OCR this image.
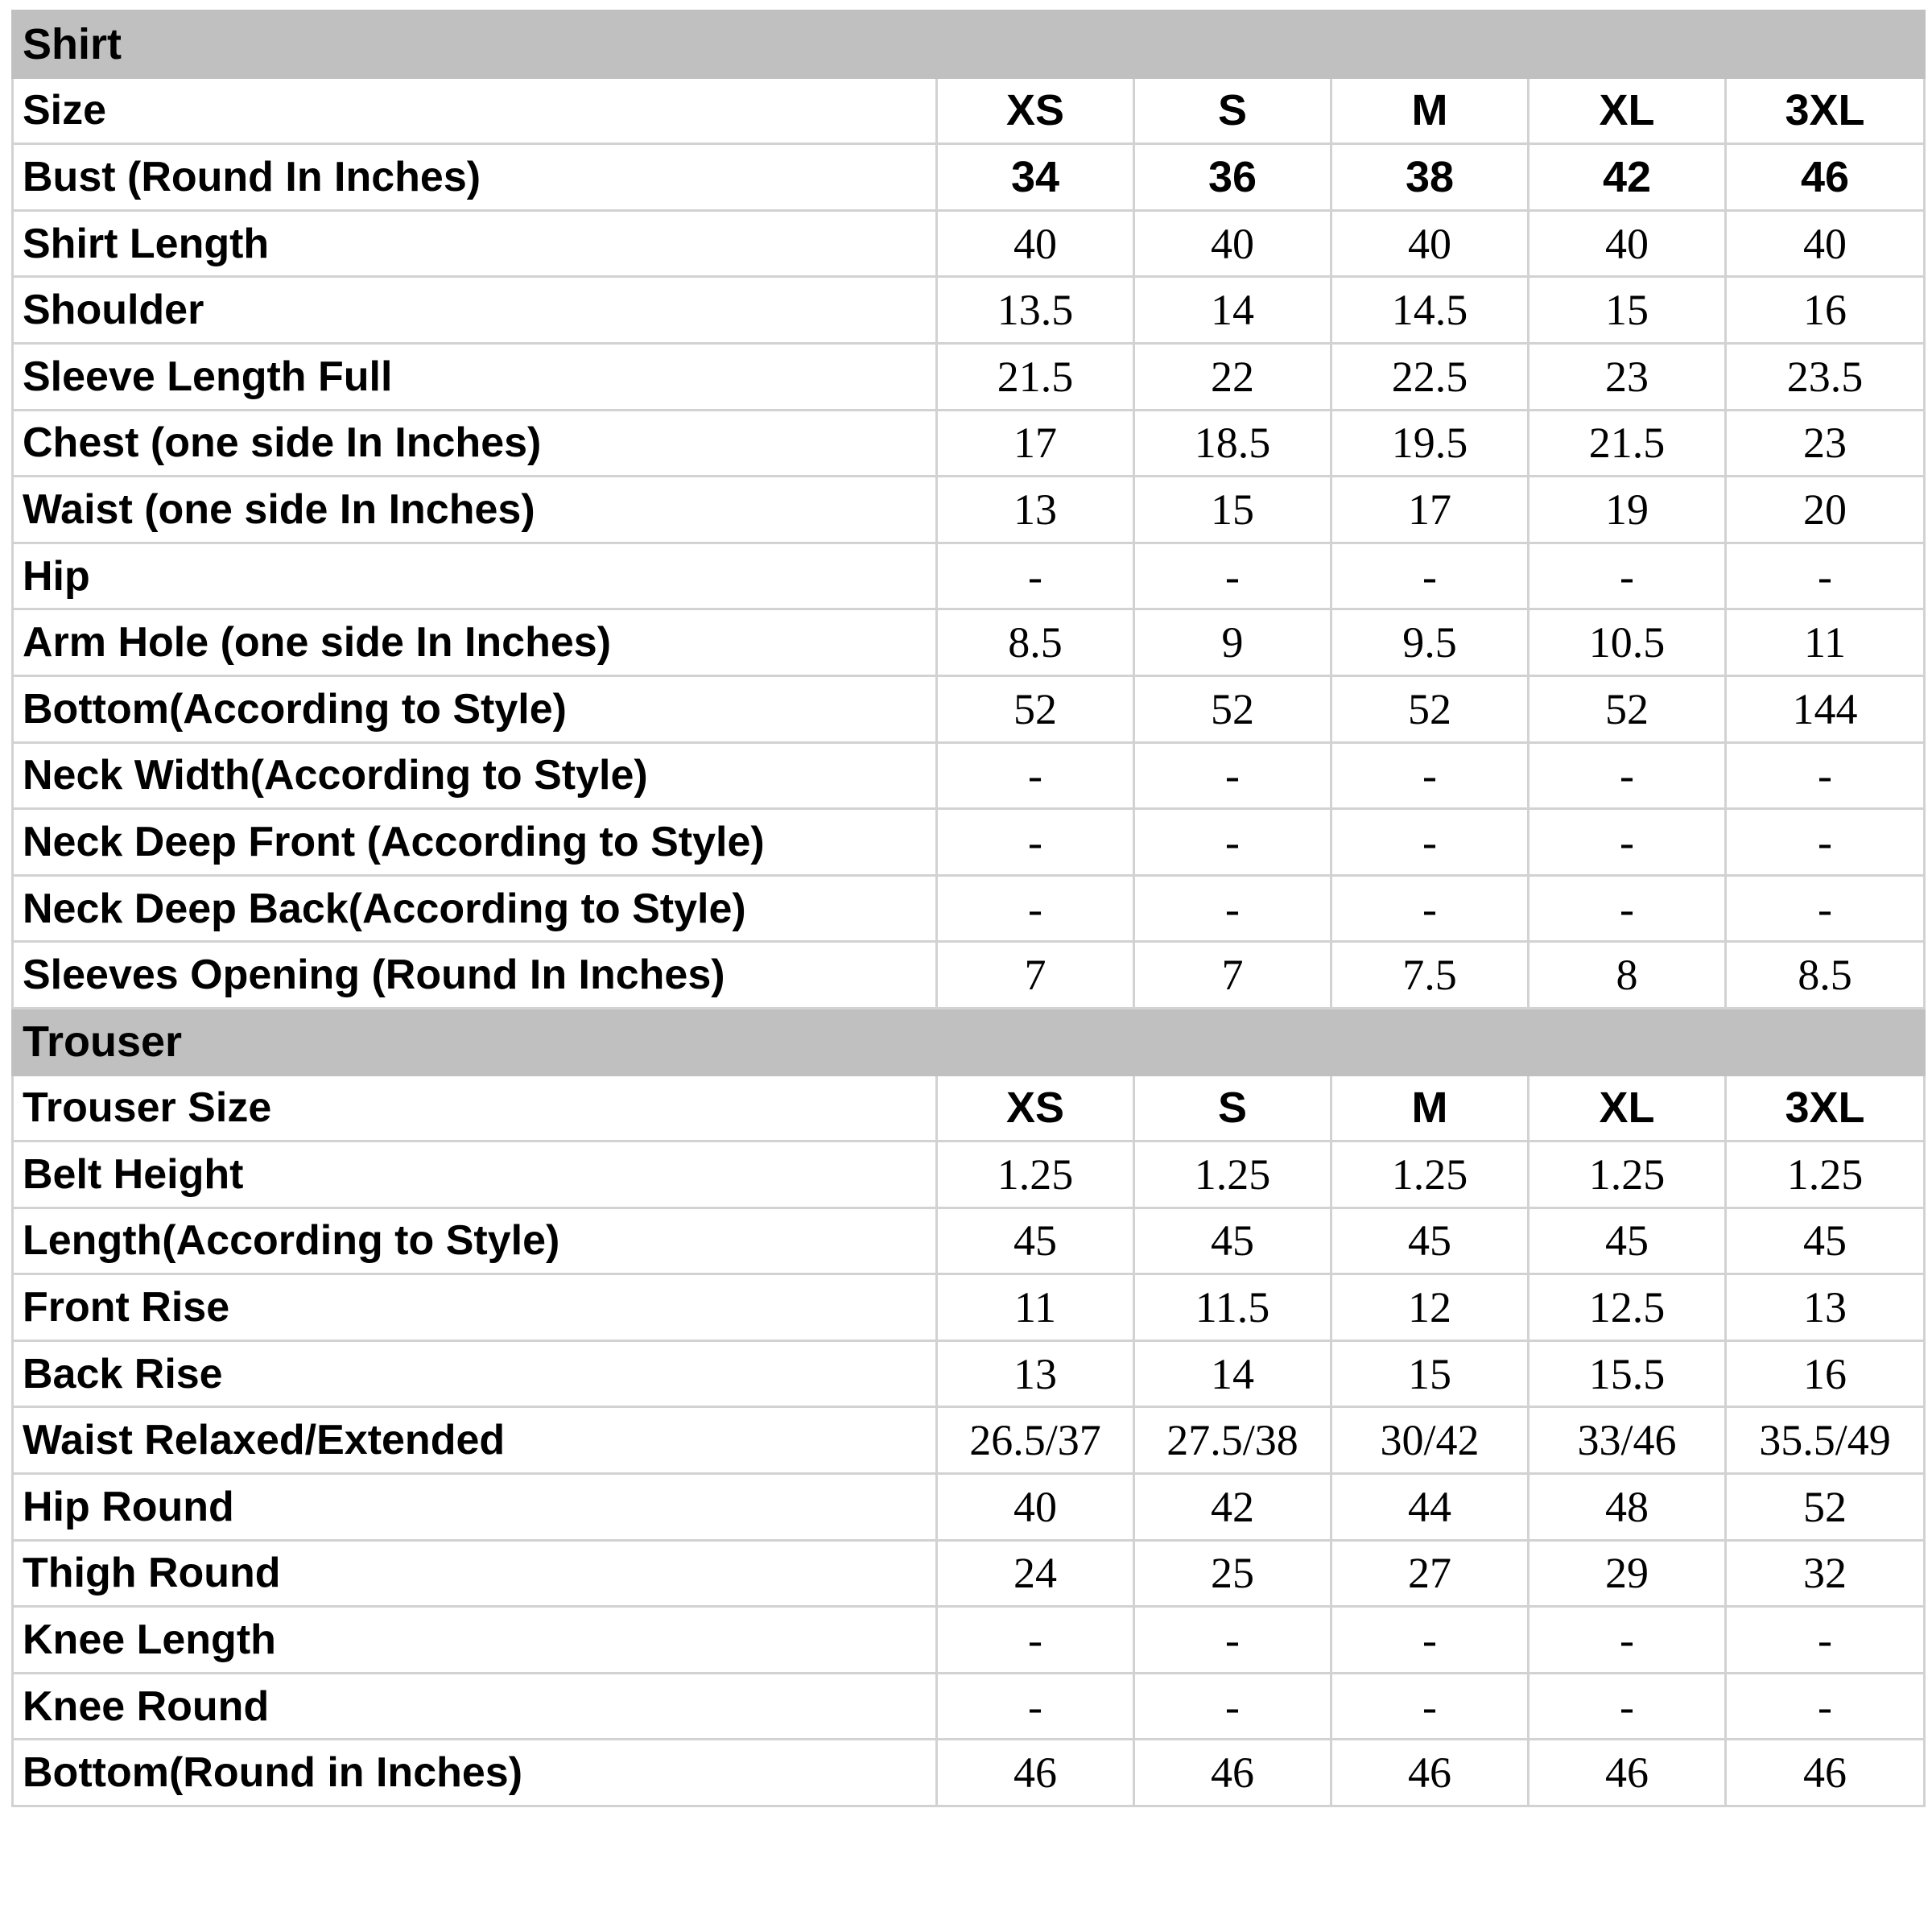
Shirt					
Size	XS	S	M	XL	3XL
Bust (Round In Inches)	34	36	38	42	46
Shirt Length	40	40	40	40	40
Shoulder	13.5	14	14.5	15	16
Sleeve Length Full	21.5	22	22.5	23	23.5
Chest (one side In Inches)	17	18.5	19.5	21.5	23
Waist (one side In Inches)	13	15	17	19	20
Hip	-	-	-	-	-
Arm Hole (one side In Inches)	8.5	9	9.5	10.5	11
Bottom(According to Style)	52	52	52	52	144
Neck Width(According to Style)	-	-	-	-	-
Neck Deep Front (According to Style)	-	-	-	-	-
Neck Deep Back(According to Style)	-	-	-	-	-
Sleeves Opening (Round In Inches)	7	7	7.5	8	8.5
Trouser					
Trouser Size	XS	S	M	XL	3XL
Belt Height	1.25	1.25	1.25	1.25	1.25
Length(According to Style)	45	45	45	45	45
Front Rise	11	11.5	12	12.5	13
Back Rise	13	14	15	15.5	16
Waist Relaxed/Extended	26.5/37	27.5/38	30/42	33/46	35.5/49
Hip Round	40	42	44	48	52
Thigh Round	24	25	27	29	32
Knee Length	-	-	-	-	-
Knee Round	-	-	-	-	-
Bottom(Round in Inches)	46	46	46	46	46
